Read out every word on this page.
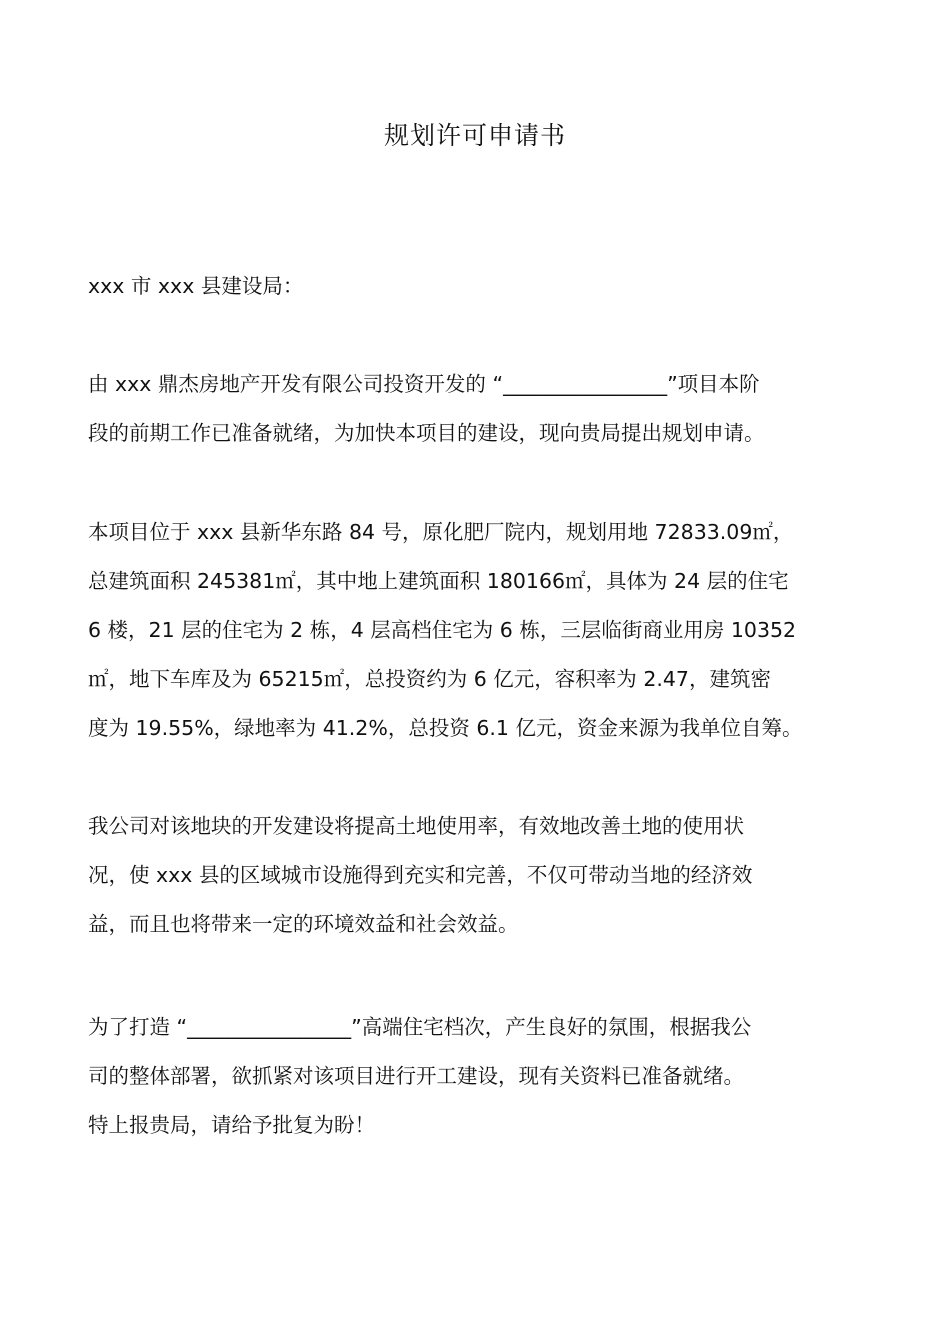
规划许可申请书
xxx 市 xxx 县建设局：
由 xxx 鼎杰房地产开发有限公司投资开发的 “________________”项目本阶
段的前期工作已准备就绪，为加快本项目的建设，现向贵局提出规划申请。
本项目位于 xxx 县新华东路 84 号，原化肥厂院内，规划用地 72833.09㎡，
总建筑面积 245381㎡，其中地上建筑面积 180166㎡，具体为 24 层的住宅
6 楼，21 层的住宅为 2 栋，4 层高档住宅为 6 栋，三层临街商业用房 10352
㎡，地下车库及为 65215㎡，总投资约为 6 亿元，容积率为 2.47，建筑密
度为 19.55%，绿地率为 41.2%，总投资 6.1 亿元，资金来源为我单位自筹。
我公司对该地块的开发建设将提高土地使用率，有效地改善土地的使用状
况，使 xxx 县的区域城市设施得到充实和完善，不仅可带动当地的经济效
益，而且也将带来一定的环境效益和社会效益。
为了打造 “________________”高端住宅档次，产生良好的氛围，根据我公
司的整体部署，欲抓紧对该项目进行开工建设，现有关资料已准备就绪。
特上报贵局，请给予批复为盼！
